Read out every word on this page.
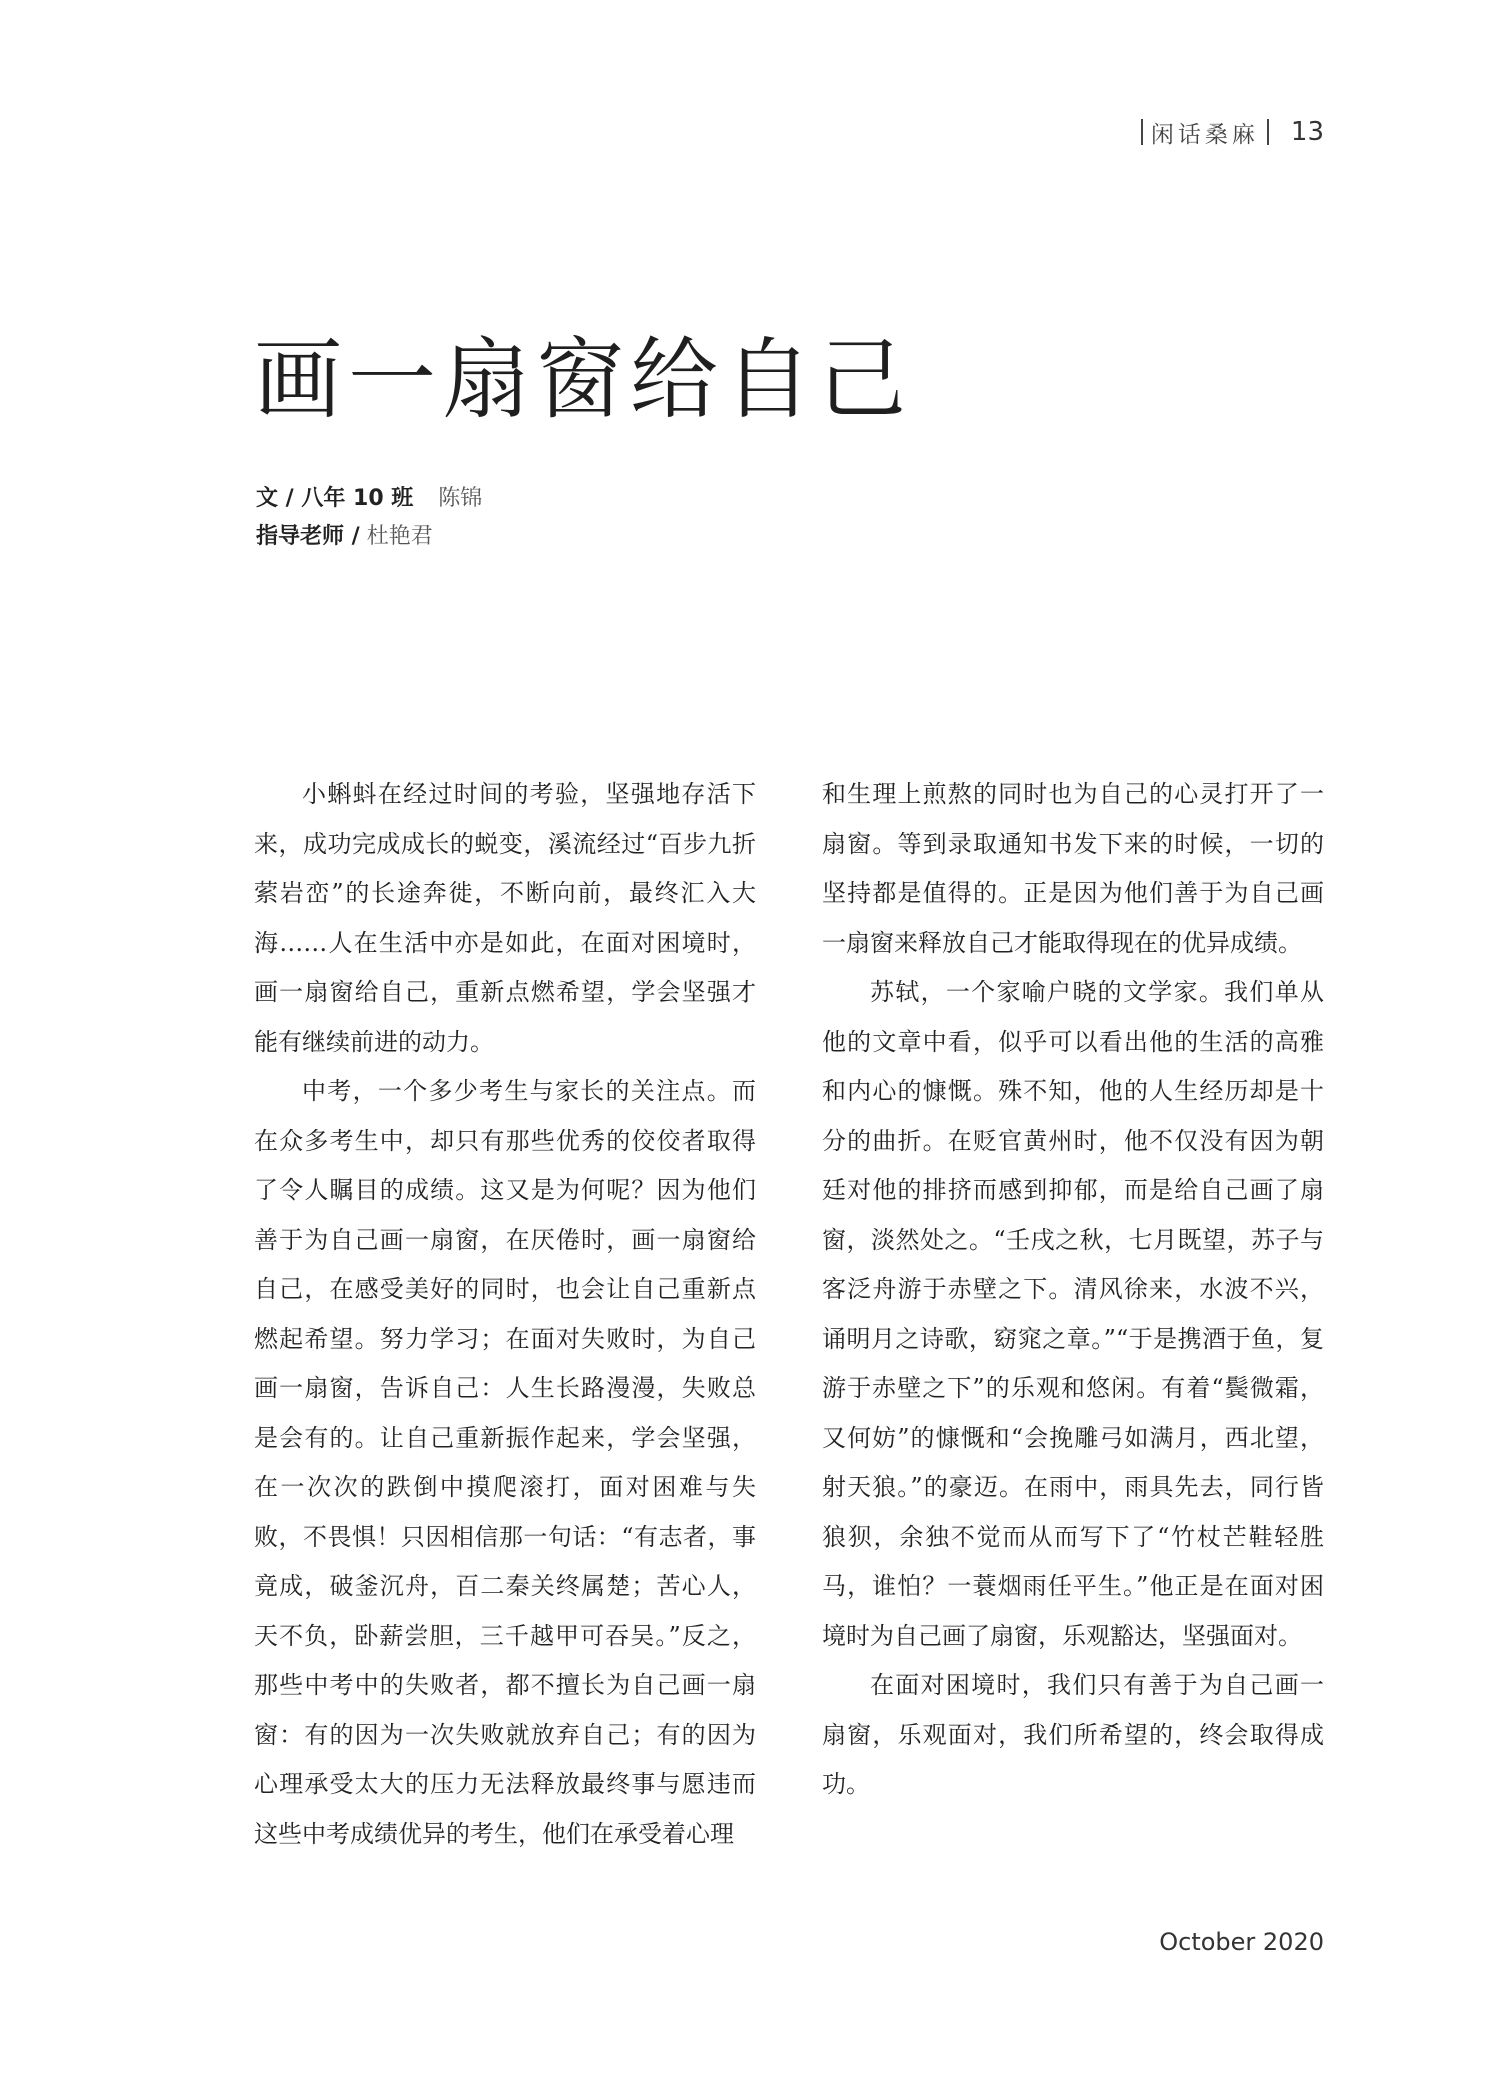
闲话桑麻 13
画一扇窗给自己
文 / 八年 10 班 陈锦
指导老师 / 杜艳君

小蝌蚪在经过时间的考验，坚强地存活下来，成功完成成长的蜕变，溪流经过“百步九折萦岩峦”的长途奔徙，不断向前，最终汇入大海……人在生活中亦是如此，在面对困境时，画一扇窗给自己，重新点燃希望，学会坚强才能有继续前进的动力。

中考，一个多少考生与家长的关注点。而在众多考生中，却只有那些优秀的佼佼者取得了令人瞩目的成绩。这又是为何呢？因为他们善于为自己画一扇窗，在厌倦时，画一扇窗给自己，在感受美好的同时，也会让自己重新点燃起希望。努力学习；在面对失败时，为自己画一扇窗，告诉自己：人生长路漫漫，失败总是会有的。让自己重新振作起来，学会坚强，在一次次的跌倒中摸爬滚打，面对困难与失败，不畏惧！只因相信那一句话：“有志者，事竟成，破釜沉舟，百二秦关终属楚；苦心人，天不负，卧薪尝胆，三千越甲可吞吴。”反之，那些中考中的失败者，都不擅长为自己画一扇窗：有的因为一次失败就放弃自己；有的因为心理承受太大的压力无法释放最终事与愿违而这些中考成绩优异的考生，他们在承受着心理

和生理上煎熬的同时也为自己的心灵打开了一扇窗。等到录取通知书发下来的时候，一切的坚持都是值得的。正是因为他们善于为自己画一扇窗来释放自己才能取得现在的优异成绩。

苏轼，一个家喻户晓的文学家。我们单从他的文章中看，似乎可以看出他的生活的高雅和内心的慷慨。殊不知，他的人生经历却是十分的曲折。在贬官黄州时，他不仅没有因为朝廷对他的排挤而感到抑郁，而是给自己画了扇窗，淡然处之。“壬戌之秋，七月既望，苏子与客泛舟游于赤壁之下。清风徐来，水波不兴，诵明月之诗歌，窈窕之章。”“于是携酒于鱼，复游于赤壁之下”的乐观和悠闲。有着“鬓微霜，又何妨”的慷慨和“会挽雕弓如满月，西北望，射天狼。”的豪迈。在雨中，雨具先去，同行皆狼狈，余独不觉而从而写下了“竹杖芒鞋轻胜马，谁怕？一蓑烟雨任平生。”他正是在面对困境时为自己画了扇窗，乐观豁达，坚强面对。

在面对困境时，我们只有善于为自己画一扇窗，乐观面对，我们所希望的，终会取得成功。

October 2020
